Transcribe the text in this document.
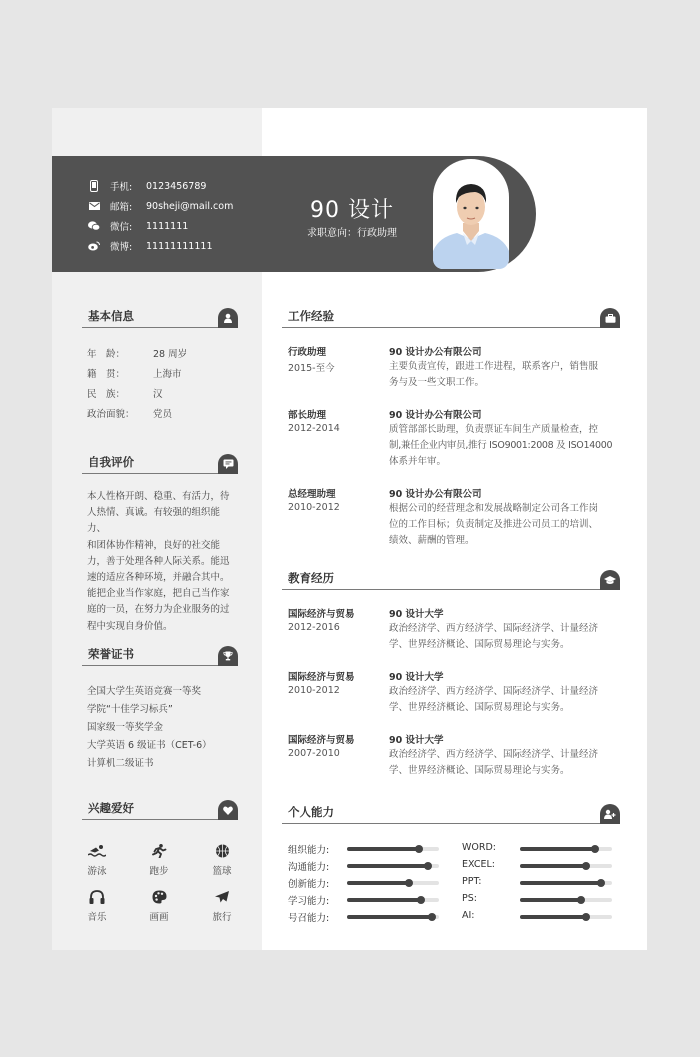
手机:	0123456789
邮箱:	90sheji@mail.com
微信:	1111111
微博:	11111111111
90 设计
求职意向：行政助理
基本信息
年　龄：	28 周岁
籍　贯：	上海市
民　族：	汉
政治面貌：	党员
自我评价
本人性格开朗、稳重、有活力，待
人热情、真诚。有较强的组织能力、
和团体协作精神，良好的社交能
力，善于处理各种人际关系。能迅
速的适应各种环境，并融合其中。
能把企业当作家庭，把自己当作家
庭的一员，在努力为企业服务的过
程中实现自身价值。
荣誉证书
全国大学生英语竞赛一等奖
学院“十佳学习标兵”
国家级一等奖学金
大学英语 6 级证书（CET-6）
计算机二级证书
兴趣爱好
游泳	跑步	篮球
音乐	画画	旅行
工作经验
行政助理
2015-至今
90 设计办公有限公司
主要负责宣传，跟进工作进程，联系客户，销售服
务与及一些文职工作。
部长助理
2012-2014
90 设计办公有限公司
质管部部长助理，负责票证车间生产质量检查，控
制,兼任企业内审员,推行 ISO9001:2008 及 ISO14000
体系并年审。
总经理助理
2010-2012
90 设计办公有限公司
根据公司的经营理念和发展战略制定公司各工作岗
位的工作目标；负责制定及推进公司员工的培训、
绩效、薪酬的管理。
教育经历
国际经济与贸易
2012-2016
90 设计大学
政治经济学、西方经济学、国际经济学、计量经济
学、世界经济概论、国际贸易理论与实务。
国际经济与贸易
2010-2012
90 设计大学
政治经济学、西方经济学、国际经济学、计量经济
学、世界经济概论、国际贸易理论与实务。
国际经济与贸易
2007-2010
90 设计大学
政治经济学、西方经济学、国际经济学、计量经济
学、世界经济概论、国际贸易理论与实务。
个人能力
组织能力:
沟通能力:
创新能力:
学习能力:
号召能力:
WORD:
EXCEL:
PPT:
PS:
AI:
